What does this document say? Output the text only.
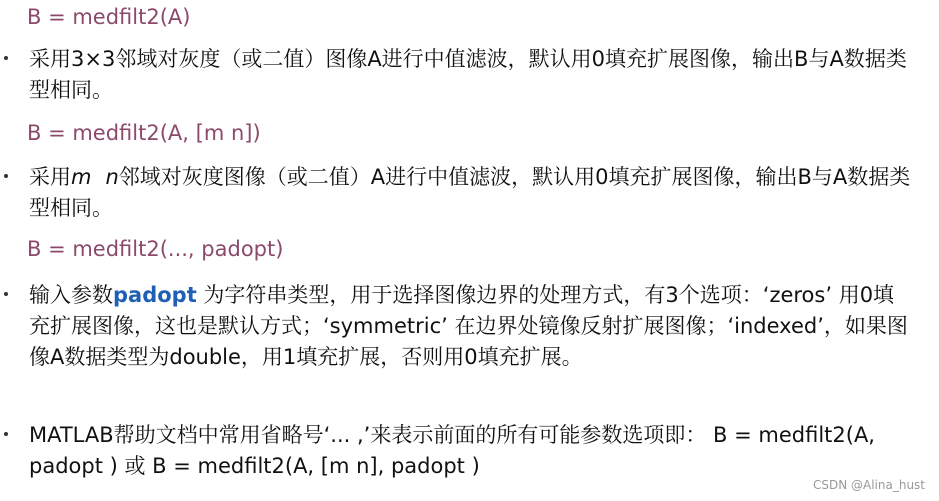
B = medfilt2(A)
采用3×3邻域对灰度（或二值）图像A进行中值滤波，默认用0填充扩展图像，输出B与A数据类型相同。
B = medfilt2(A, [m n])
采用m n邻域对灰度图像（或二值）A进行中值滤波，默认用0填充扩展图像，输出B与A数据类型相同。
B = medfilt2(..., padopt)
输入参数padopt 为字符串类型，用于选择图像边界的处理方式，有3个选项：‘zeros’ 用0填充扩展图像，这也是默认方式；‘symmetric’ 在边界处镜像反射扩展图像；‘indexed’，如果图像A数据类型为double，用1填充扩展，否则用0填充扩展。
MATLAB帮助文档中常用省略号‘... ,’来表示前面的所有可能参数选项即： B = medfilt2(A, padopt ) 或 B = medfilt2(A, [m n], padopt )
CSDN @Alina_hust
